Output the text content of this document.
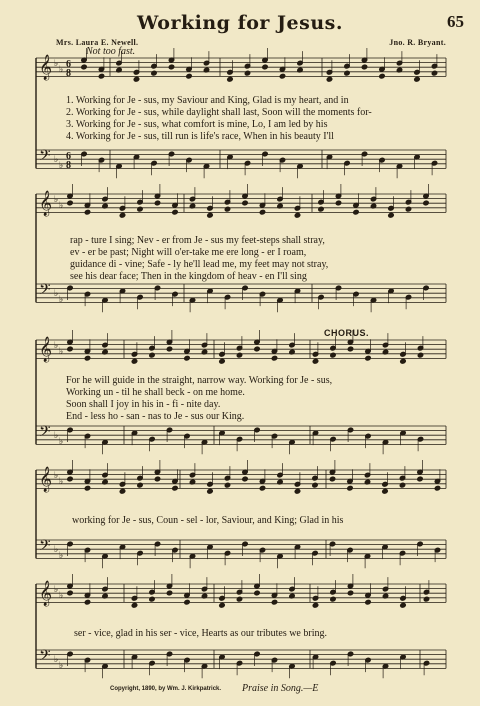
Working for Jesus.	65
Mrs. Laura E. Newell.	Jno. R. Bryant.
Not too fast.
CHORUS.
𝄞
𝄢
♭
♭
♭
♭
6
8
6
8
𝄞
𝄢
♭
♭
♭
♭
𝄞
𝄢
♭
♭
♭
♭
𝄞
𝄢
♭
♭
♭
♭
𝄞
𝄢
♭
♭
♭
♭
1. Working for Je - sus, my Saviour and King, Glad is my heart, and in
2. Working for Je - sus, while daylight shall last, Soon will the moments for-
3. Working for Je - sus, what comfort is mine, Lo, I am led by his
4. Working for Je - sus, till run is life's race, When in his beauty I'll
rap - ture I sing; Nev - er from Je - sus my feet-steps shall stray,
ev - er be past; Night will o'er-take me ere long - er I roam,
guidance di - vine; Safe - ly he'll lead me, my feet may not stray,
see his dear face; Then in the kingdom of heav - en I'll sing
For he will guide in the straight, narrow way. Working for Je - sus,
Working un - til he shall beck - on me home.
Soon shall I joy in his in - fi - nite day.
End - less ho - san - nas to Je - sus our King.
working for Je - sus, Coun - sel - lor, Saviour, and King; Glad in his
ser - vice, glad in his ser - vice, Hearts as our tributes we bring.
Copyright, 1890, by Wm. J. Kirkpatrick. Praise in Song.—E
